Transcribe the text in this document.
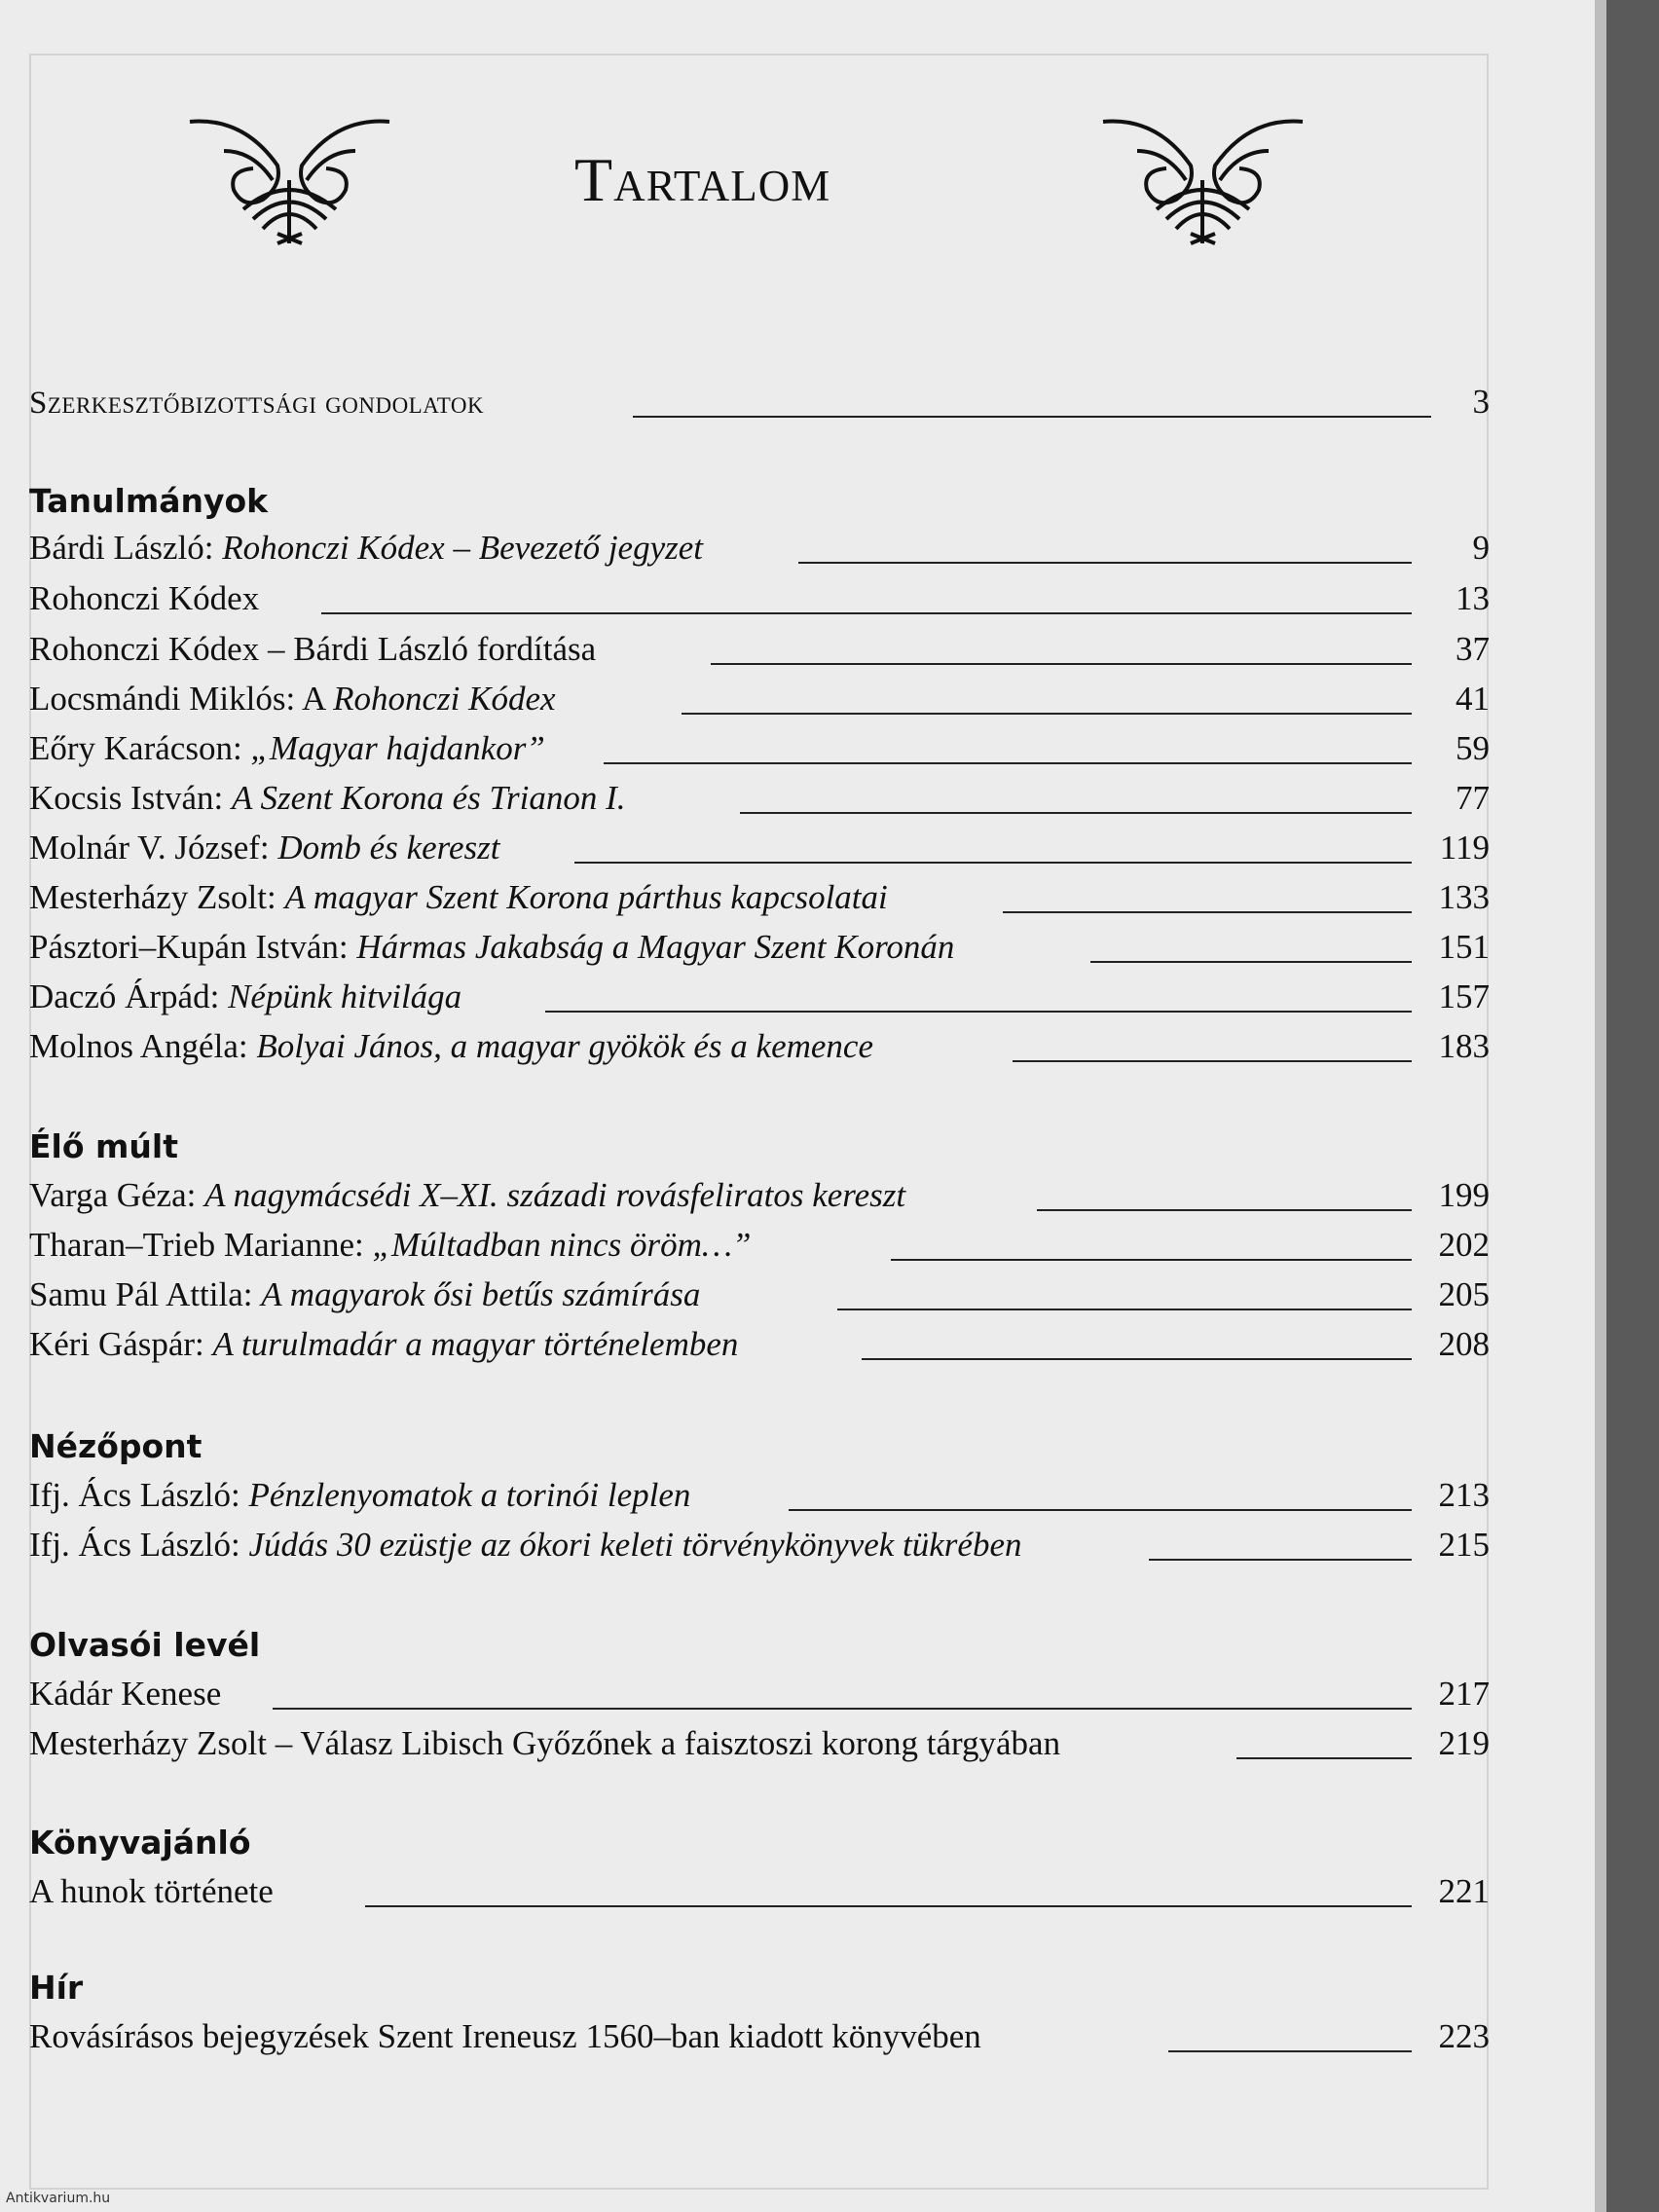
Tartalom
Szerkesztőbizottsági gondolatok	3
Tanulmányok
Bárdi László: Rohonczi Kódex – Bevezető jegyzet	9
Rohonczi Kódex	13
Rohonczi Kódex – Bárdi László fordítása	37
Locsmándi Miklós: A Rohonczi Kódex	41
Eőry Karácson: „Magyar hajdankor”	59
Kocsis István: A Szent Korona és Trianon I.	77
Molnár V. József: Domb és kereszt	119
Mesterházy Zsolt: A magyar Szent Korona párthus kapcsolatai	133
Pásztori–Kupán István: Hármas Jakabság a Magyar Szent Koronán	151
Daczó Árpád: Népünk hitvilága	157
Molnos Angéla: Bolyai János, a magyar gyökök és a kemence	183
Élő múlt
Varga Géza: A nagymácsédi X–XI. századi rovásfeliratos kereszt	199
Tharan–Trieb Marianne: „Múltadban nincs öröm…”	202
Samu Pál Attila: A magyarok ősi betűs számírása	205
Kéri Gáspár: A turulmadár a magyar történelemben	208
Nézőpont
Ifj. Ács László: Pénzlenyomatok a torinói leplen	213
Ifj. Ács László: Júdás 30 ezüstje az ókori keleti törvénykönyvek tükrében	215
Olvasói levél
Kádár Kenese	217
Mesterházy Zsolt – Válasz Libisch Győzőnek a faisztoszi korong tárgyában	219
Könyvajánló
A hunok története	221
Hír
Rovásírásos bejegyzések Szent Ireneusz 1560–ban kiadott könyvében	223
Antikvarium.hu
